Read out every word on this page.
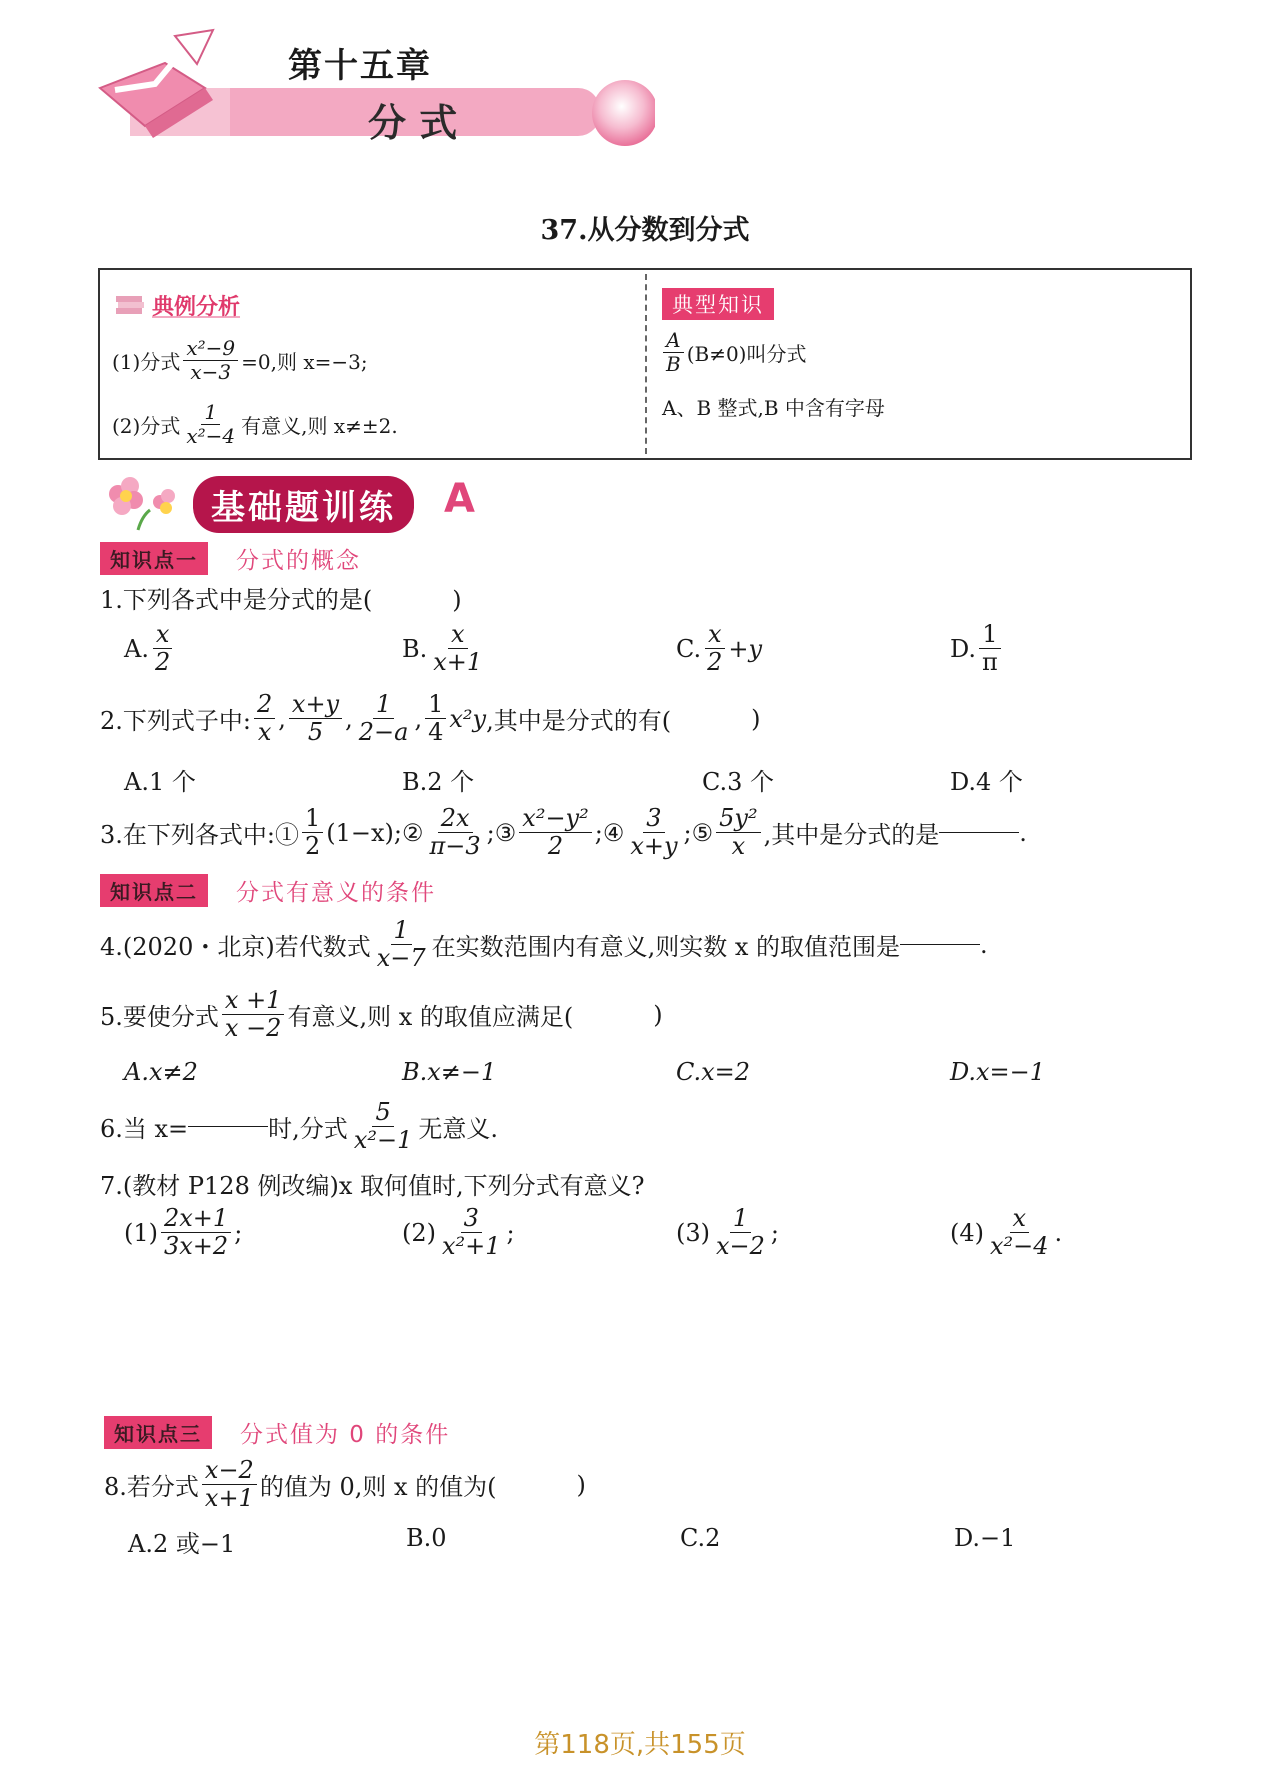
第十五章
分 式
37.从分数到分式
典例分析
(1)分式 $\frac{\text{x²−9}}{x-3} =0$,则 x=−3;
(2)分式 $\frac{1}{\text{x²−4}}$ 有意义,则 x≠±2.
典型知识
$\frac{A}{B} (B\ne 0)$叫分式
A、B 整式,B 中含有字母
基础题训练	A
知识点一	分式的概念
1.下列各式中是分式的是(	)
A. $\frac{x}{2}$	B. $\frac{x}{x+1}$	C. $\frac{x}{2} +y$	D. $\frac{1}{\pi}$
2.下列式子中: $\frac{2}{x}$ , $\frac{x+y}{5}$ , $\frac{1}{2-a}$ , $\frac{1}{4} x^2y$ ,其中是分式的有(	)
A.1 个	B.2 个	C.3 个	D.4 个
3.在下列各式中:① $\frac{1}{2}$ (1−x);② $\frac{2x}{\pi-3}$ ;③ $\frac{\text{x²−y²}}{2}$ ;④ $\frac{3}{x+y}$ ;⑤ $\frac{\text{5y²}}{x}$ ,其中是分式的是	.
知识点二	分式有意义的条件
4.(2020・北京)若代数式 $\frac{1}{x-7}$ 在实数范围内有意义,则实数 x 的取值范围是	.
5.要使分式 $\frac{x +1}{x -2}$ 有意义,则 x 的取值应满足(	)
A.x≠2	B.x≠−1	C.x=2	D.x=−1
6.当 x=	时,分式 $\frac{5}{\text{x²−1}}$ 无意义.
7.(教材 P128 例改编)x 取何值时,下列分式有意义?
$(1) \frac{2x+1}{3x+2}$ ;	$(2) \frac{3}{\text{x²+1}}$ ;	$(3) \frac{1}{x-2}$ ;	$(4) \frac{x}{\text{x²−4}}$ .
知识点三	分式值为 0 的条件
8.若分式 $\frac{x-2}{x+1}$ 的值为 0,则 x 的值为(	)
A.2 或−1	B.0	C.2	D.−1
第118页,共155页
